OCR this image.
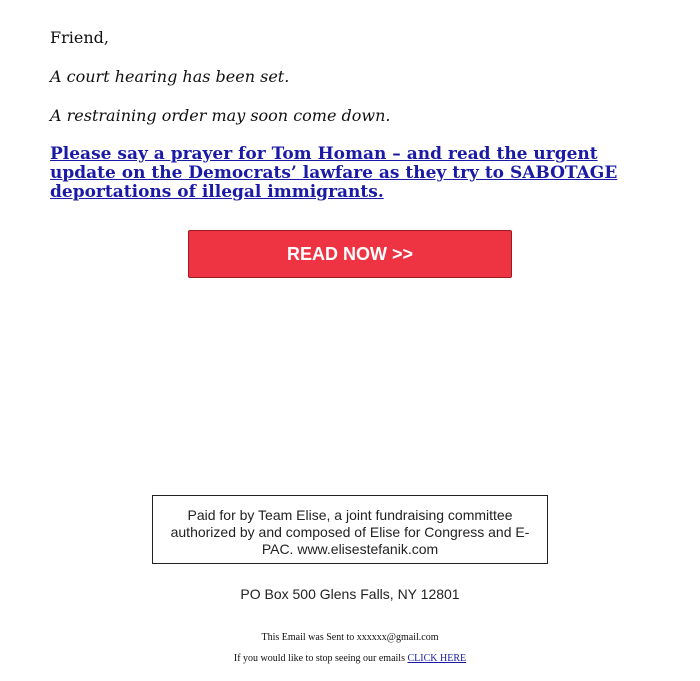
Friend,

A court hearing has been set.

A restraining order may soon come down.

Please say a prayer for Tom Homan – and read the urgent update on the Democrats’ lawfare as they try to SABOTAGE deportations of illegal immigrants.
READ NOW >>
Paid for by Team Elise, a joint fundraising committee authorized by and composed of Elise for Congress and E-PAC. www.elisestefanik.com
PO Box 500 Glens Falls, NY 12801
This Email was Sent to xxxxxx@gmail.com
If you would like to stop seeing our emails CLICK HERE
